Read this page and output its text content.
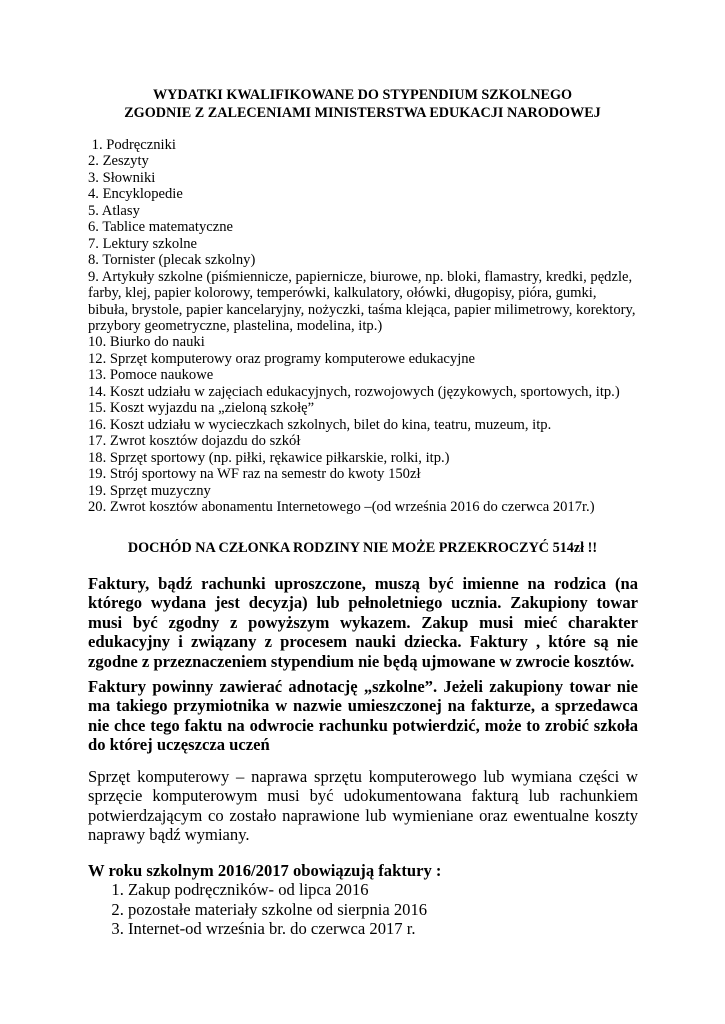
WYDATKI KWALIFIKOWANE DO STYPENDIUM SZKOLNEGO
ZGODNIE Z ZALECENIAMI MINISTERSTWA EDUKACJI NARODOWEJ
1. Podręczniki
2. Zeszyty
3. Słowniki
4. Encyklopedie
5. Atlasy
6. Tablice matematyczne
7. Lektury szkolne
8. Tornister (plecak szkolny)
9. Artykuły szkolne (piśmiennicze, papiernicze, biurowe, np. bloki, flamastry, kredki, pędzle, farby, klej, papier kolorowy, temperówki, kalkulatory, ołówki, długopisy, pióra, gumki, bibuła, brystole, papier kancelaryjny, nożyczki, taśma klejąca, papier milimetrowy, korektory, przybory geometryczne, plastelina, modelina, itp.)
10. Biurko do nauki
12. Sprzęt komputerowy oraz programy komputerowe edukacyjne
13. Pomoce naukowe
14. Koszt udziału w zajęciach edukacyjnych, rozwojowych (językowych, sportowych, itp.)
15. Koszt wyjazdu na „zieloną szkołę”
16. Koszt udziału w wycieczkach szkolnych, bilet do kina, teatru, muzeum, itp.
17. Zwrot kosztów dojazdu do szkół
18. Sprzęt sportowy (np. piłki, rękawice piłkarskie, rolki, itp.)
19. Strój sportowy na WF raz na semestr do kwoty 150zł
19. Sprzęt muzyczny
20. Zwrot kosztów abonamentu Internetowego –(od września 2016 do czerwca 2017r.)
DOCHÓD NA CZŁONKA RODZINY NIE MOŻE PRZEKROCZYĆ 514zł !!
Faktury, bądź rachunki uproszczone, muszą być imienne na rodzica (na którego wydana jest decyzja) lub pełnoletniego ucznia. Zakupiony towar musi być zgodny z powyższym wykazem. Zakup musi mieć charakter edukacyjny i związany z procesem nauki dziecka. Faktury , które są nie zgodne z przeznaczeniem stypendium nie będą ujmowane w zwrocie kosztów.
Faktury powinny zawierać adnotację „szkolne”. Jeżeli zakupiony towar nie ma takiego przymiotnika w nazwie umieszczonej na fakturze, a sprzedawca nie chce tego faktu na odwrocie rachunku potwierdzić, może to zrobić szkoła do której uczęszcza uczeń
Sprzęt komputerowy – naprawa sprzętu komputerowego lub wymiana części w sprzęcie komputerowym musi być udokumentowana fakturą lub rachunkiem potwierdzającym co zostało naprawione lub wymieniane oraz ewentualne koszty naprawy bądź wymiany.
W roku szkolnym 2016/2017 obowiązują faktury :
1. Zakup podręczników- od lipca 2016
2. pozostałe materiały szkolne od sierpnia 2016
3. Internet-od września br. do czerwca 2017 r.
